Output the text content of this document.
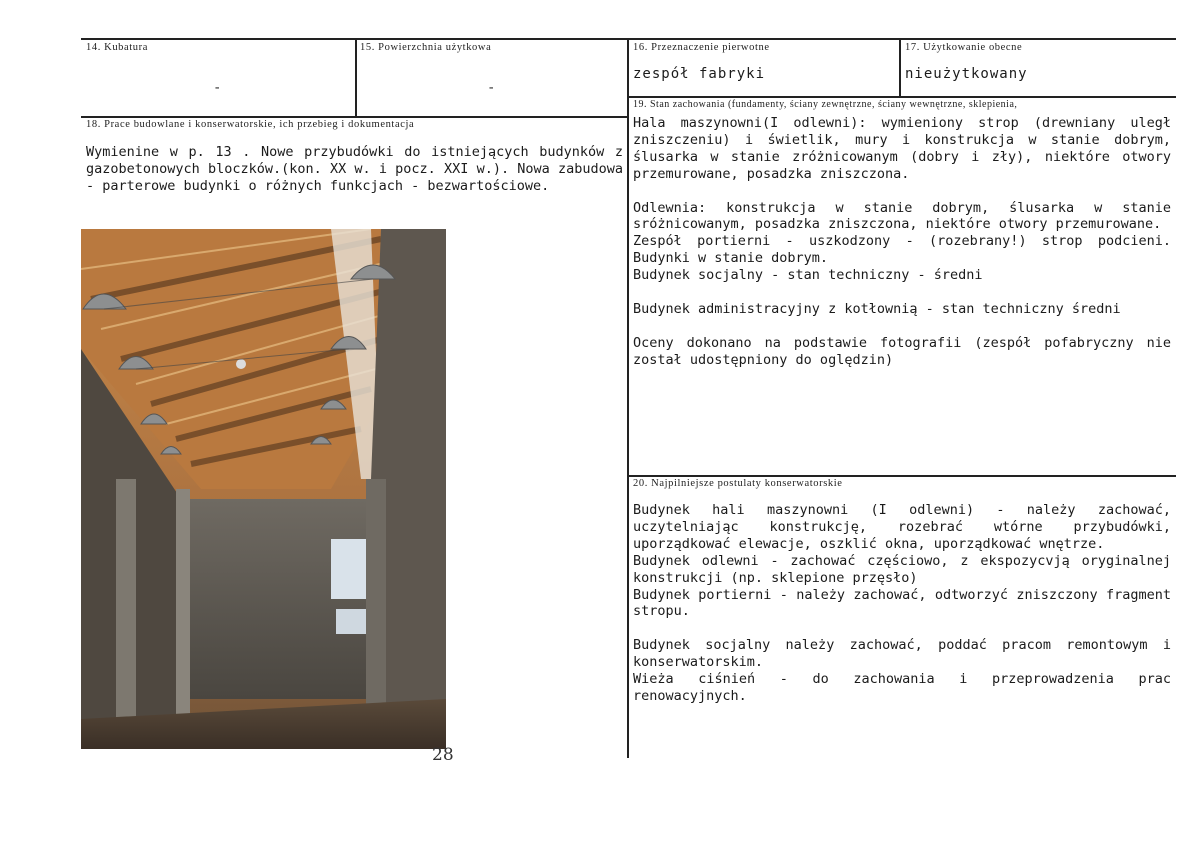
14. Kubatura
-
15. Powierzchnia użytkowa
-
16. Przeznaczenie pierwotne
zespół fabryki
17. Użytkowanie obecne
nieużytkowany
18. Prace budowlane i konserwatorskie, ich przebieg i dokumentacja

Wymienine w p. 13 . Nowe przybudówki do istniejących budynków z gazobetonowych bloczków.(kon. XX w. i pocz. XXI w.). Nowa zabudowa - parterowe budynki o różnych funkcjach - bezwartościowe.

28
19. Stan zachowania (fundamenty, ściany zewnętrzne, ściany wewnętrzne, sklepienia,

Hala maszynowni(I odlewni): wymieniony strop (drewniany uległ zniszczeniu) i świetlik, mury i konstrukcja w stanie dobrym, ślusarka w stanie zróżnicowanym (dobry i zły), niektóre otwory przemurowane, posadzka zniszczona.

Odlewnia: konstrukcja w stanie dobrym, ślusarka w stanie sróżnicowanym, posadzka zniszczona, niektóre otwory przemurowane.

Zespół portierni - uszkodzony - (rozebrany!) strop podcieni. Budynki w stanie dobrym.

Budynek socjalny - stan techniczny - średni

Budynek administracyjny z kotłownią - stan techniczny średni

Oceny dokonano na podstawie fotografii (zespół pofabryczny nie został udostępniony do oględzin)

20. Najpilniejsze postulaty konserwatorskie

Budynek hali maszynowni (I odlewni) - należy zachować, uczytelniając konstrukcję, rozebrać wtórne przybudówki, uporządkować elewacje, oszklić okna, uporządkować wnętrze.

Budynek odlewni - zachować częściowo, z ekspozycvją oryginalnej konstrukcji (np. sklepione przęsło)

Budynek portierni - należy zachować, odtworzyć zniszczony fragment stropu.

Budynek socjalny należy zachować, poddać pracom remontowym i konserwatorskim.

Wieża ciśnień - do zachowania i przeprowadzenia prac renowacyjnych.
